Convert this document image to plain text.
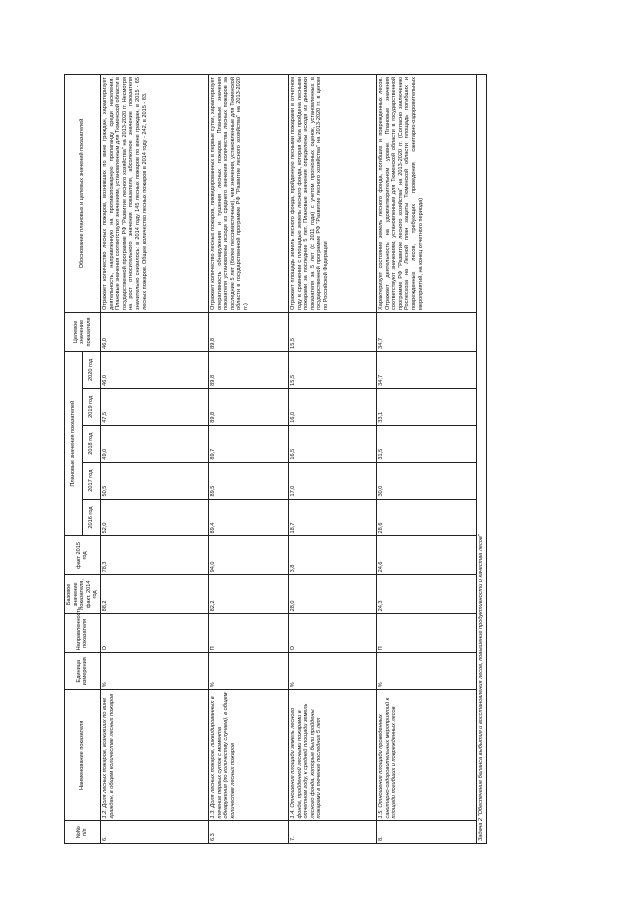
№№ п/п	Наименование показателя	Единица измерения	Направленность показателя	Базовое значение показателя, факт. 2014 год	факт 2015 год	Плановые значения показателей					Целевое значение показателя	Обоснование плановых и целевых значений показателей
						2016 год	2017 год	2018 год	2019 год	2020 год		
6.	1.2. Доля лесных пожаров, возникших по вине граждан, в общем количестве лесных пожаров	%	О	88,2	78,3	52,0	50,5	49,0	47,5	46,0	46,0	Отражает количество лесных пожаров, возникших по вине граждан, характеризует деятельность, направленную на противопожарную пропаганду среди населения. Плановые значения соответствуют значениям, установленным для Тюменской области в государственной программе РФ "Развитие лесного хозяйства" на 2013-2020 гг. Несмотря на рост относительного значения показателя, абсолютное значение показателя значительно снизилось: в 2014 году 145 лесных пожаров по вине граждан, в 2015 - 65 лесных пожаров. Общее количество лесных пожаров в 2014 году - 242, в 2015 - 83.
6.3	1.3. Доля лесных пожаров, ликвидированных в течение первых суток с момента обнаружения (по количеству случаев), в общем количестве лесных пожаров	%	П	82,2	94,0	89,4	89,5	89,7	89,8	89,8	89,8	Отражает количество лесных пожаров, ликвидированных в первые сутки, характеризует оперативность обнаружения и тушения лесных пожаров. Плановые значения показателя установлены исходя из среднего значения количества лесных пожаров за последние 5 лет (более пессимистичные), чем значения, установленные для Тюменской области в государственной программе РФ "Развитие лесного хозяйства" на 2013-2020 гг.)
7.	1.4. Отношение площади земель лесного фонда, пройденной лесными пожарами в отчетном году, к средней площади земель лесного фонда, которые были пройдены пожарами в течение последних 5 лет	%	О	28,0	3,8	18,7	17,0	16,5	16,0	15,5	15,5	Отражает площадь земель лесного фонда, пройденную лесными пожарами в отчетном году в сравнении с площадью земель лесного фонда, которая была пройдена лесными пожарами за последние 5 лет. Плановые значения определены исходя из динамики показателя за 5 лет (с 2011 года) с учетом прогнозных оценок, установленных в государственной программе РФ "Развитие лесного хозяйства" на 2013-2020 гг. в целом по Российской Федерации
8.	1.5. Отношение площади проведенных санитарно-оздоровительных мероприятий к площади погибших и поврежденных лесов	%	П	24,3	24,6	28,6	30,0	31,5	33,1	34,7	34,7	Характеризует состояние земель лесного фонда, погибших и поврежденных лесов. Отражает деятельность на удовлетворительном уровне. Плановые значения соответствуют значениям, установленным для Тюменской области в государственной программе РФ "Развитие лесного хозяйства" на 2013-2020 гг. (Согласно заключению Рослесхоза на Лесной план защиты Тюменской области площадь погибших и поврежденных лесов, требующих проведения санитарно-оздоровительных мероприятий, на конец отчетного периода)
Задача 2 "Обеспечение баланса выбытия и восстановления лесов, повышение продуктивности и качества лесов"												
